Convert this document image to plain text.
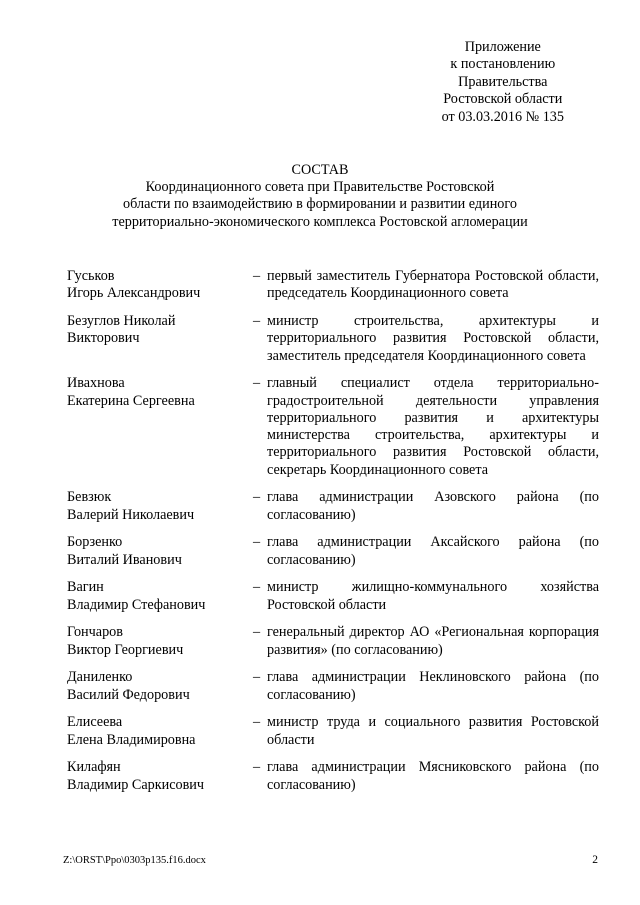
Приложение
к постановлению
Правительства
Ростовской области
от 03.03.2016 № 135
СОСТАВ
Координационного совета при Правительстве Ростовской
области по взаимодействию в формировании и развитии единого
территориально-экономического комплекса Ростовской агломерации
Гуськов
Игорь Александрович
– первый заместитель Губернатора Ростовской области, председатель Координационного совета
Безуглов Николай
Викторович
– министр строительства, архитектуры и территориального развития Ростовской области, заместитель председателя Координационного совета
Ивахнова
Екатерина Сергеевна
– главный специалист отдела территориально-градостроительной деятельности управления территориального развития и архитектуры министерства строительства, архитектуры и территориального развития Ростовской области, секретарь Координационного совета
Бевзюк
Валерий Николаевич
– глава администрации Азовского района (по согласованию)
Борзенко
Виталий Иванович
– глава администрации Аксайского района (по согласованию)
Вагин
Владимир Стефанович
– министр жилищно-коммунального хозяйства Ростовской области
Гончаров
Виктор Георгиевич
– генеральный директор АО «Региональная корпорация развития» (по согласованию)
Даниленко
Василий Федорович
– глава администрации Неклиновского района (по согласованию)
Елисеева
Елена Владимировна
– министр труда и социального развития Ростовской области
Килафян
Владимир Саркисович
– глава администрации Мясниковского района (по согласованию)
Z:\ORST\Ppo\0303p135.f16.docx	2
